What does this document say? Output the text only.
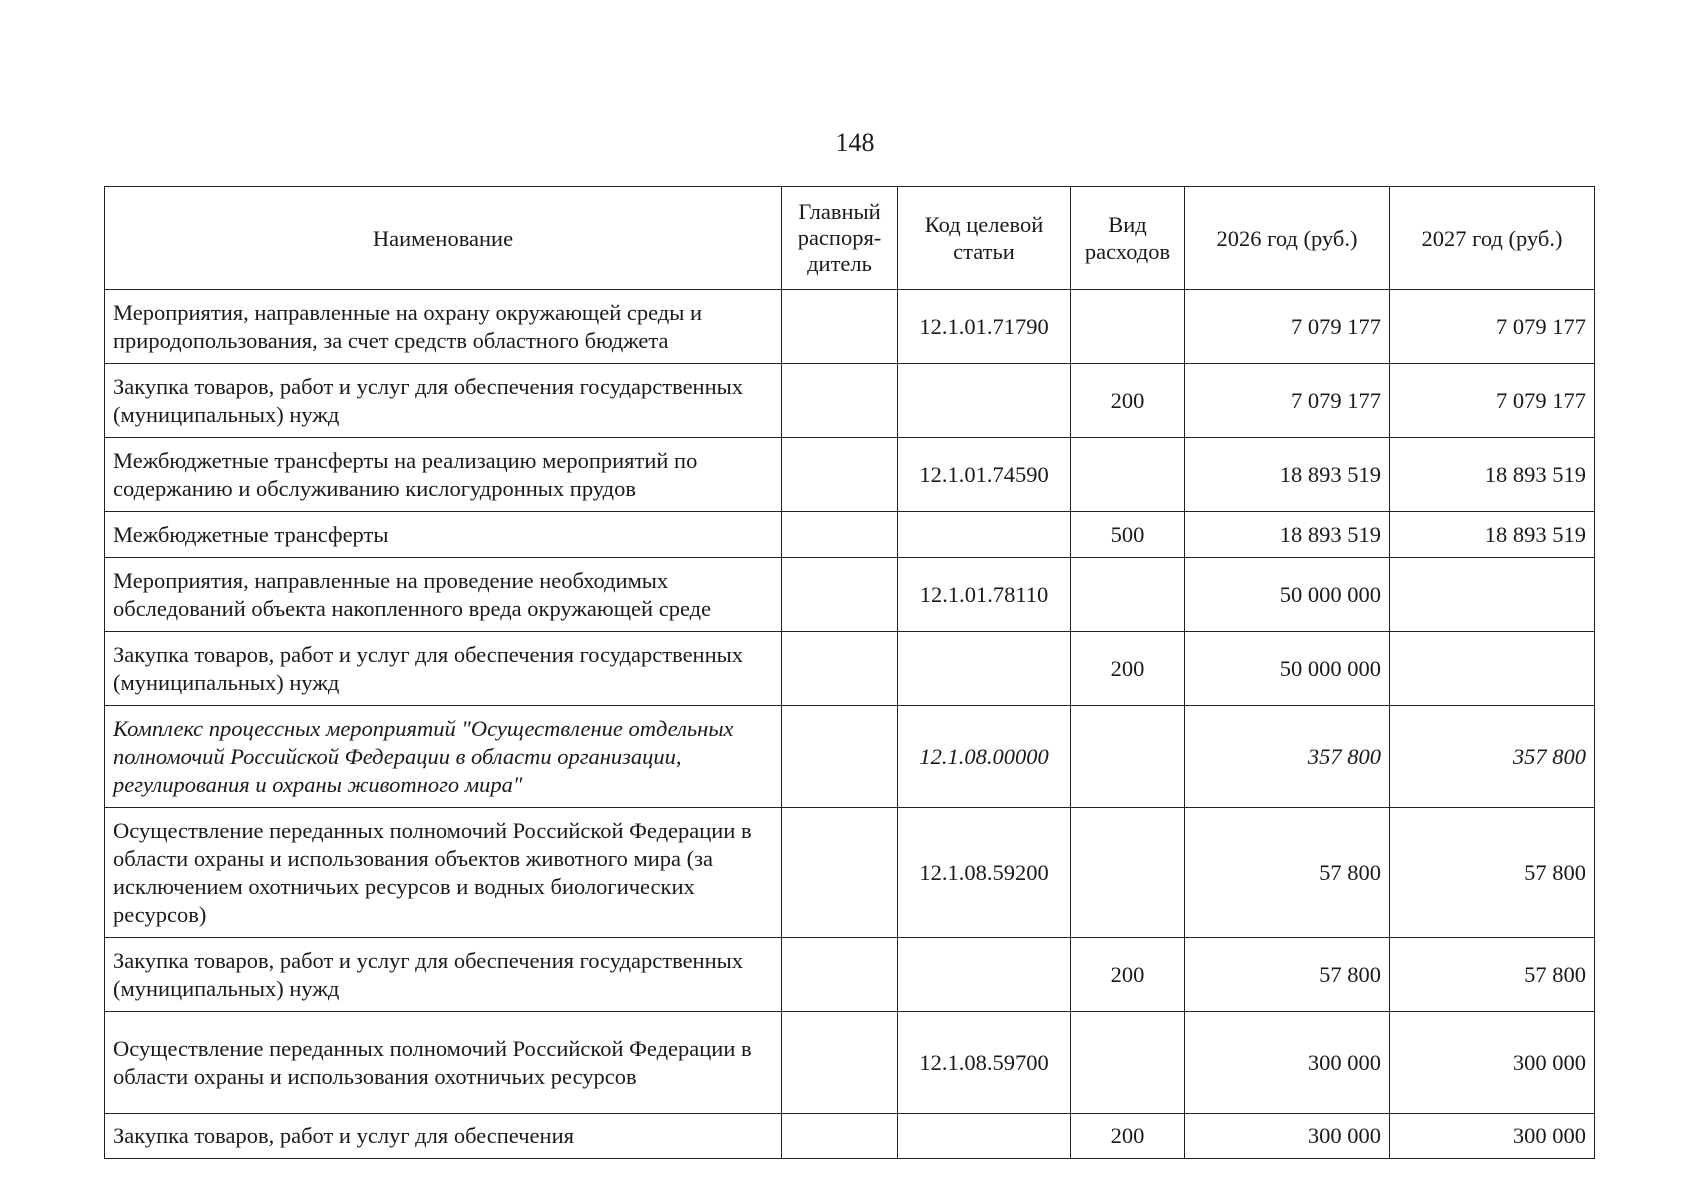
148
Наименование	Главный распоря-дитель	Код целевой статьи	Вид расходов	2026 год (руб.)	2027 год (руб.)
Мероприятия, направленные на охрану окружающей среды и природопользования, за счет средств областного бюджета		12.1.01.71790		7 079 177	7 079 177
Закупка товаров, работ и услуг для обеспечения государственных (муниципальных) нужд			200	7 079 177	7 079 177
Межбюджетные трансферты на реализацию мероприятий по содержанию и обслуживанию кислогудронных прудов		12.1.01.74590		18 893 519	18 893 519
Межбюджетные трансферты			500	18 893 519	18 893 519
Мероприятия, направленные на проведение необходимых обследований объекта накопленного вреда окружающей среде		12.1.01.78110		50 000 000	
Закупка товаров, работ и услуг для обеспечения государственных (муниципальных) нужд			200	50 000 000	
Комплекс процессных мероприятий "Осуществление отдельных полномочий Российской Федерации в области организации, регулирования и охраны животного мира"		12.1.08.00000		357 800	357 800
Осуществление переданных полномочий Российской Федерации в области охраны и использования объектов животного мира (за исключением охотничьих ресурсов и водных биологических ресурсов)		12.1.08.59200		57 800	57 800
Закупка товаров, работ и услуг для обеспечения государственных (муниципальных) нужд			200	57 800	57 800
Осуществление переданных полномочий Российской Федерации в области охраны и использования охотничьих ресурсов		12.1.08.59700		300 000	300 000
Закупка товаров, работ и услуг для обеспечения			200	300 000	300 000
